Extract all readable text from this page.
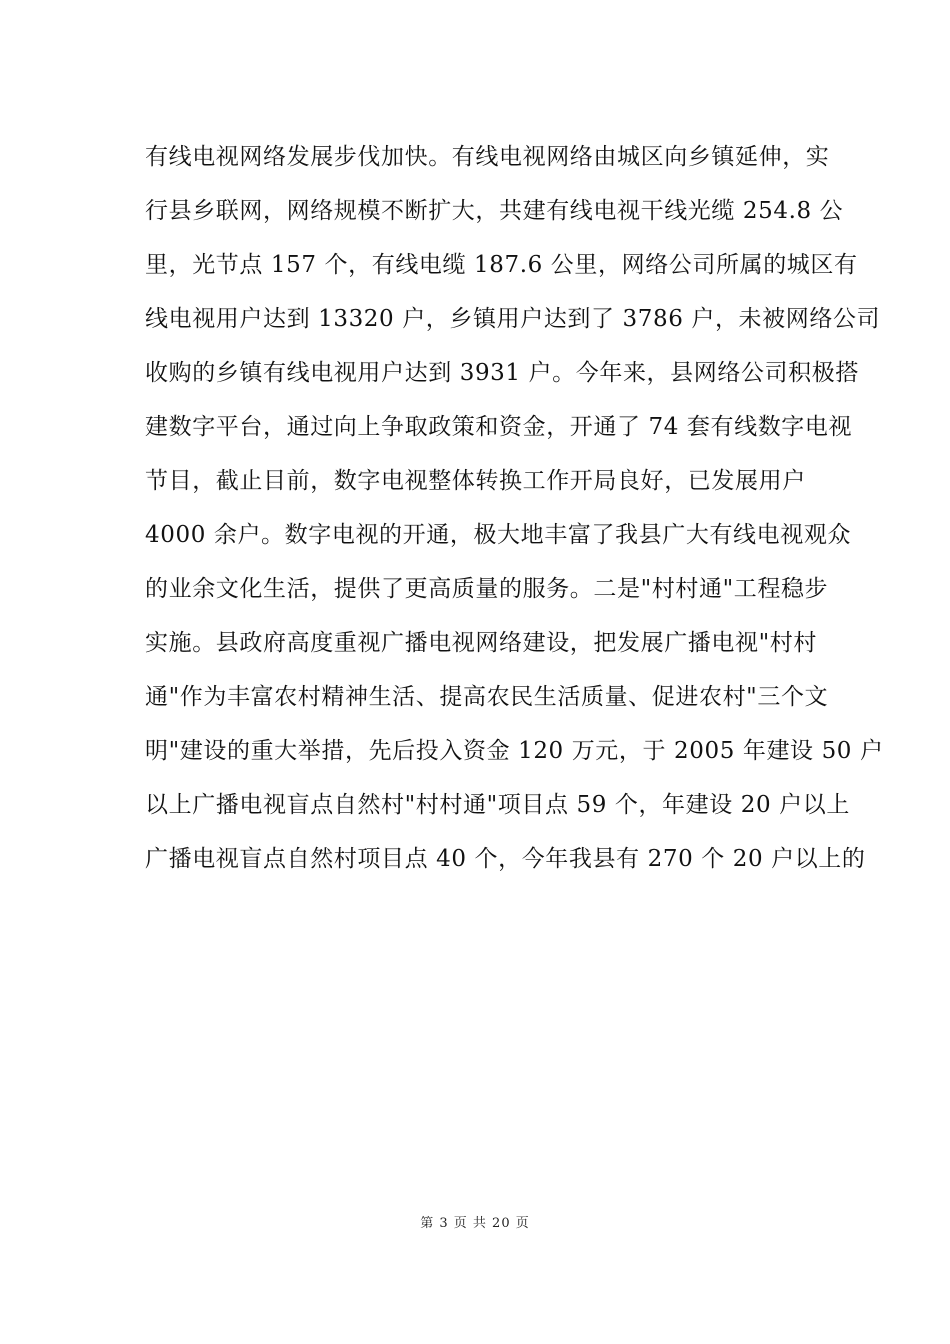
有线电视网络发展步伐加快。有线电视网络由城区向乡镇延伸，实
行县乡联网，网络规模不断扩大，共建有线电视干线光缆 254.8 公
里，光节点 157 个，有线电缆 187.6 公里，网络公司所属的城区有
线电视用户达到 13320 户，乡镇用户达到了 3786 户，未被网络公司
收购的乡镇有线电视用户达到 3931 户。今年来，县网络公司积极搭
建数字平台，通过向上争取政策和资金，开通了 74 套有线数字电视
节目，截止目前，数字电视整体转换工作开局良好，已发展用户
4000 余户。数字电视的开通，极大地丰富了我县广大有线电视观众
的业余文化生活，提供了更高质量的服务。二是"村村通"工程稳步
实施。县政府高度重视广播电视网络建设，把发展广播电视"村村
通"作为丰富农村精神生活、提高农民生活质量、促进农村"三个文
明"建设的重大举措，先后投入资金 120 万元，于 2005 年建设 50 户
以上广播电视盲点自然村"村村通"项目点 59 个，年建设 20 户以上
广播电视盲点自然村项目点 40 个，今年我县有 270 个 20 户以上的
第 3 页 共 20 页
